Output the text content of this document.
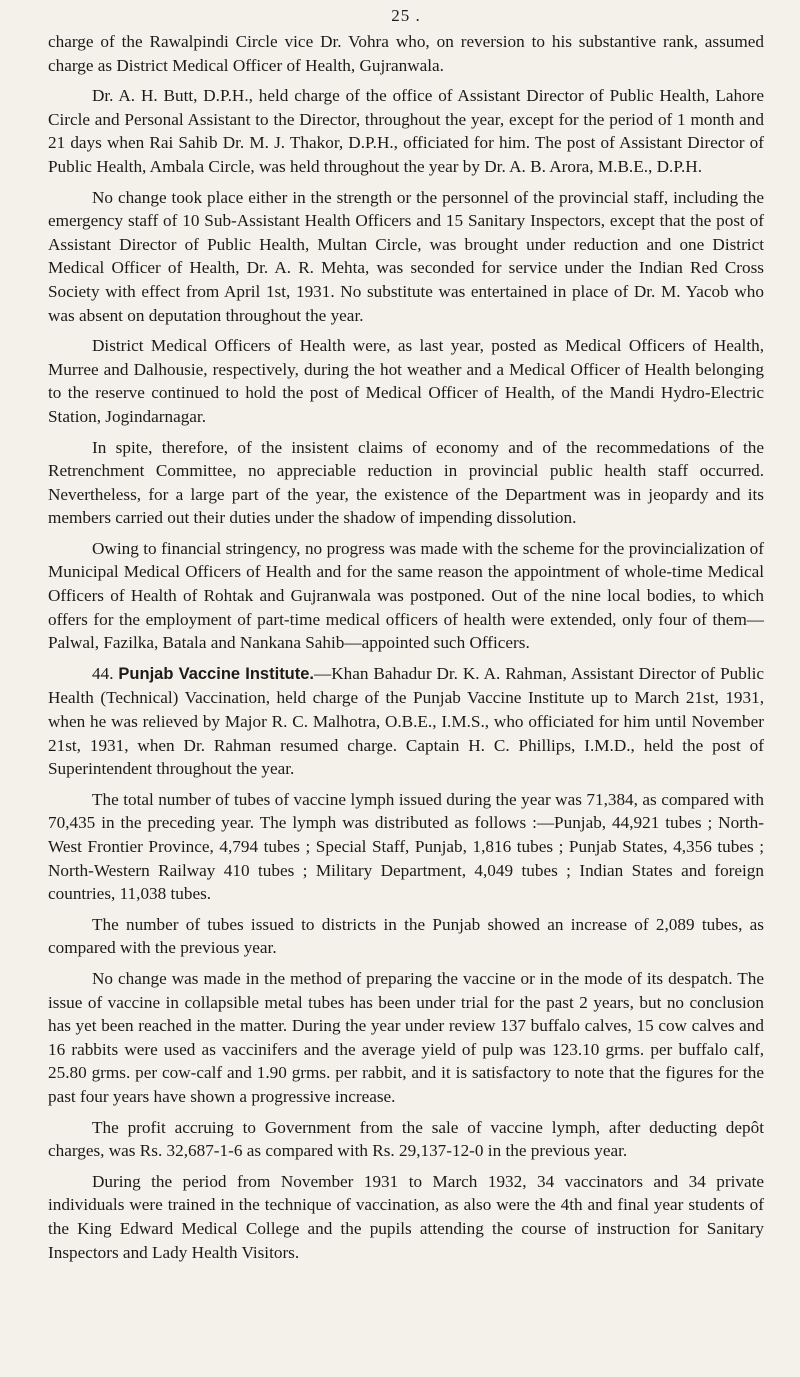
25 .

charge of the Rawalpindi Circle vice Dr. Vohra who, on reversion to his substantive rank, assumed charge as District Medical Officer of Health, Gujranwala.

Dr. A. H. Butt, D.P.H., held charge of the office of Assistant Director of Public Health, Lahore Circle and Personal Assistant to the Director, throughout the year, except for the period of 1 month and 21 days when Rai Sahib Dr. M. J. Thakor, D.P.H., officiated for him. The post of Assistant Director of Public Health, Ambala Circle, was held throughout the year by Dr. A. B. Arora, M.B.E., D.P.H.

No change took place either in the strength or the personnel of the provincial staff, including the emergency staff of 10 Sub-Assistant Health Officers and 15 Sanitary Inspectors, except that the post of Assistant Director of Public Health, Multan Circle, was brought under reduction and one District Medical Officer of Health, Dr. A. R. Mehta, was seconded for service under the Indian Red Cross Society with effect from April 1st, 1931. No substitute was entertained in place of Dr. M. Yacob who was absent on deputation throughout the year.

District Medical Officers of Health were, as last year, posted as Medical Officers of Health, Murree and Dalhousie, respectively, during the hot weather and a Medical Officer of Health belonging to the reserve continued to hold the post of Medical Officer of Health, of the Mandi Hydro-Electric Station, Jogindarnagar.

In spite, therefore, of the insistent claims of economy and of the recommedations of the Retrenchment Committee, no appreciable reduction in provincial public health staff occurred. Nevertheless, for a large part of the year, the existence of the Department was in jeopardy and its members carried out their duties under the shadow of impending dissolution.

Owing to financial stringency, no progress was made with the scheme for the provincialization of Municipal Medical Officers of Health and for the same reason the appointment of whole-time Medical Officers of Health of Rohtak and Gujranwala was postponed. Out of the nine local bodies, to which offers for the employment of part-time medical officers of health were extended, only four of them—Palwal, Fazilka, Batala and Nankana Sahib—appointed such Officers.

44. Punjab Vaccine Institute.—Khan Bahadur Dr. K. A. Rahman, Assistant Director of Public Health (Technical) Vaccination, held charge of the Punjab Vaccine Institute up to March 21st, 1931, when he was relieved by Major R. C. Malhotra, O.B.E., I.M.S., who officiated for him until November 21st, 1931, when Dr. Rahman resumed charge. Captain H. C. Phillips, I.M.D., held the post of Superintendent throughout the year.

The total number of tubes of vaccine lymph issued during the year was 71,384, as compared with 70,435 in the preceding year. The lymph was distributed as follows :—Punjab, 44,921 tubes ; North-West Frontier Province, 4,794 tubes ; Special Staff, Punjab, 1,816 tubes ; Punjab States, 4,356 tubes ; North-Western Railway 410 tubes ; Military Department, 4,049 tubes ; Indian States and foreign countries, 11,038 tubes.

The number of tubes issued to districts in the Punjab showed an increase of 2,089 tubes, as compared with the previous year.

No change was made in the method of preparing the vaccine or in the mode of its despatch. The issue of vaccine in collapsible metal tubes has been under trial for the past 2 years, but no conclusion has yet been reached in the matter. During the year under review 137 buffalo calves, 15 cow calves and 16 rabbits were used as vaccinifers and the average yield of pulp was 123.10 grms. per buffalo calf, 25.80 grms. per cow-calf and 1.90 grms. per rabbit, and it is satisfactory to note that the figures for the past four years have shown a progressive increase.

The profit accruing to Government from the sale of vaccine lymph, after deducting depôt charges, was Rs. 32,687-1-6 as compared with Rs. 29,137-12-0 in the previous year.

During the period from November 1931 to March 1932, 34 vaccinators and 34 private individuals were trained in the technique of vaccination, as also were the 4th and final year students of the King Edward Medical College and the pupils attending the course of instruction for Sanitary Inspectors and Lady Health Visitors.
